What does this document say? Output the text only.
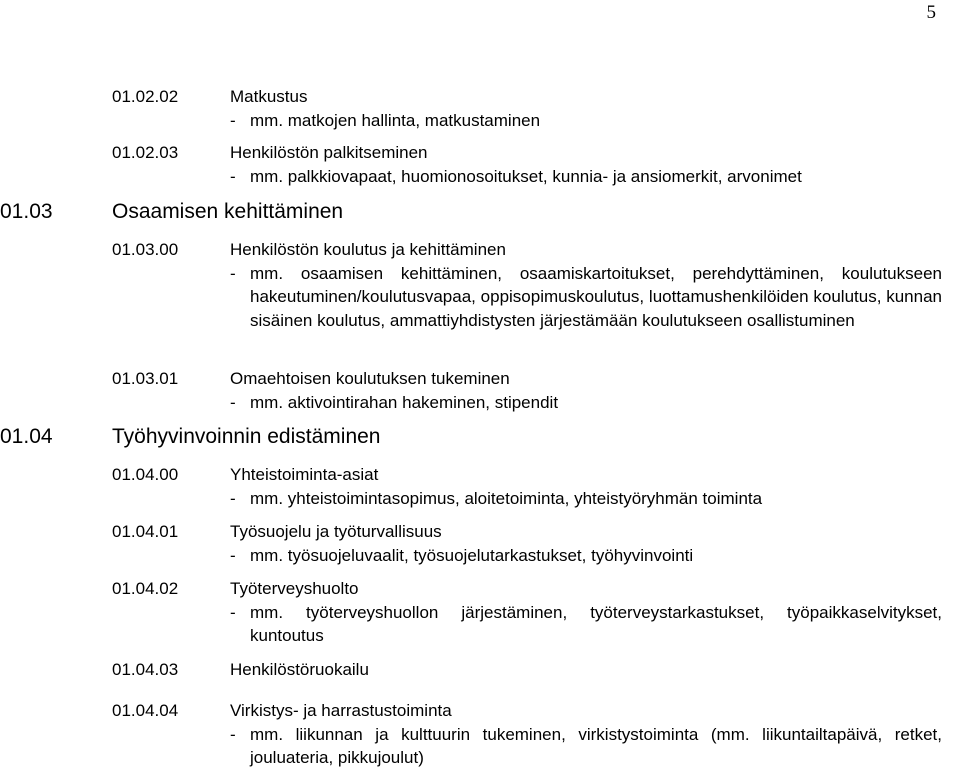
5
01.02.02	Matkustus
- mm. matkojen hallinta, matkustaminen
01.02.03	Henkilöstön palkitseminen
- mm. palkkiovapaat, huomionosoitukset, kunnia- ja ansiomerkit, arvonimet
01.03	Osaamisen kehittäminen
01.03.00	Henkilöstön koulutus ja kehittäminen
- mm. osaamisen kehittäminen, osaamiskartoitukset, perehdyttäminen, koulutukseen hakeutuminen/koulutusvapaa, oppisopimuskoulutus, luottamushenkilöiden koulutus, kunnan sisäinen koulutus, ammattiyhdistysten järjestämään koulutukseen osallistuminen
01.03.01	Omaehtoisen koulutuksen tukeminen
- mm. aktivointirahan hakeminen, stipendit
01.04	Työhyvinvoinnin edistäminen
01.04.00	Yhteistoiminta-asiat
- mm. yhteistoimintasopimus, aloitetoiminta, yhteistyöryhmän toiminta
01.04.01	Työsuojelu ja työturvallisuus
- mm. työsuojeluvaalit, työsuojelutarkastukset, työhyvinvointi
01.04.02	Työterveyshuolto
- mm. työterveyshuollon järjestäminen, työterveystarkastukset, työpaikkaselvitykset, kuntoutus
01.04.03	Henkilöstöruokailu
01.04.04	Virkistys- ja harrastustoiminta
- mm. liikunnan ja kulttuurin tukeminen, virkistystoiminta (mm. liikuntailtapäivä, retket, jouluateria, pikkujoulut)
